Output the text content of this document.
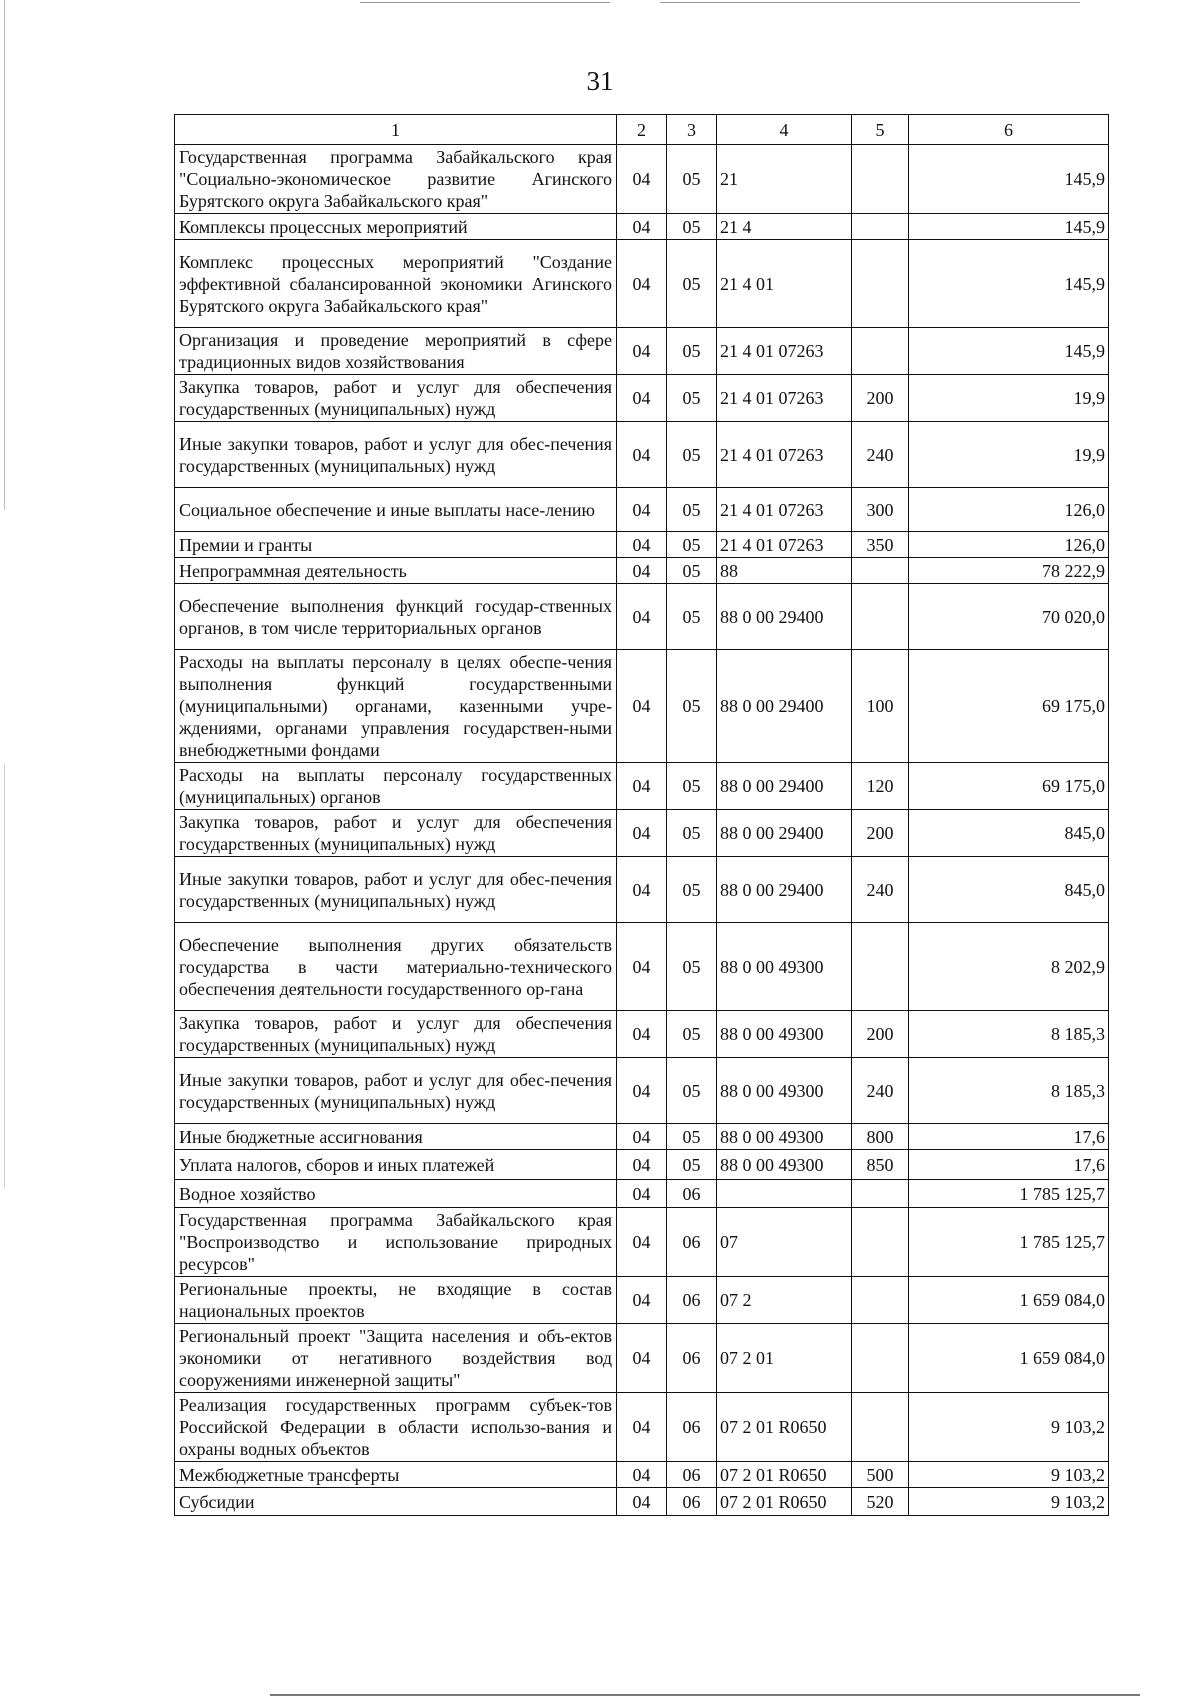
31
1	2	3	4	5	6
Государственная программа Забайкальского края "Социально-экономическое развитие Агинского Бурятского округа Забайкальского края"	04	05	21		145,9
Комплексы процессных мероприятий	04	05	21 4		145,9
Комплекс процессных мероприятий "Создание эффективной сбалансированной экономики Агинского Бурятского округа Забайкальского края"	04	05	21 4 01		145,9
Организация и проведение мероприятий в сфере традиционных видов хозяйствования	04	05	21 4 01 07263		145,9
Закупка товаров, работ и услуг для обеспечения государственных (муниципальных) нужд	04	05	21 4 01 07263	200	19,9
Иные закупки товаров, работ и услуг для обес-печения государственных (муниципальных) нужд	04	05	21 4 01 07263	240	19,9
Социальное обеспечение и иные выплаты насе-лению	04	05	21 4 01 07263	300	126,0
Премии и гранты	04	05	21 4 01 07263	350	126,0
Непрограммная деятельность	04	05	88		78 222,9
Обеспечение выполнения функций государ-ственных органов, в том числе территориальных органов	04	05	88 0 00 29400		70 020,0
Расходы на выплаты персоналу в целях обеспе-чения выполнения функций государственными (муниципальными) органами, казенными учре-ждениями, органами управления государствен-ными внебюджетными фондами	04	05	88 0 00 29400	100	69 175,0
Расходы на выплаты персоналу государственных (муниципальных) органов	04	05	88 0 00 29400	120	69 175,0
Закупка товаров, работ и услуг для обеспечения государственных (муниципальных) нужд	04	05	88 0 00 29400	200	845,0
Иные закупки товаров, работ и услуг для обес-печения государственных (муниципальных) нужд	04	05	88 0 00 29400	240	845,0
Обеспечение выполнения других обязательств государства в части материально-технического обеспечения деятельности государственного ор-гана	04	05	88 0 00 49300		8 202,9
Закупка товаров, работ и услуг для обеспечения государственных (муниципальных) нужд	04	05	88 0 00 49300	200	8 185,3
Иные закупки товаров, работ и услуг для обес-печения государственных (муниципальных) нужд	04	05	88 0 00 49300	240	8 185,3
Иные бюджетные ассигнования	04	05	88 0 00 49300	800	17,6
Уплата налогов, сборов и иных платежей	04	05	88 0 00 49300	850	17,6
Водное хозяйство	04	06			1 785 125,7
Государственная программа Забайкальского края "Воспроизводство и использование природных ресурсов"	04	06	07		1 785 125,7
Региональные проекты, не входящие в состав национальных проектов	04	06	07 2		1 659 084,0
Региональный проект "Защита населения и объ-ектов экономики от негативного воздействия вод сооружениями инженерной защиты"	04	06	07 2 01		1 659 084,0
Реализация государственных программ субъек-тов Российской Федерации в области использо-вания и охраны водных объектов	04	06	07 2 01 R0650		9 103,2
Межбюджетные трансферты	04	06	07 2 01 R0650	500	9 103,2
Субсидии	04	06	07 2 01 R0650	520	9 103,2
